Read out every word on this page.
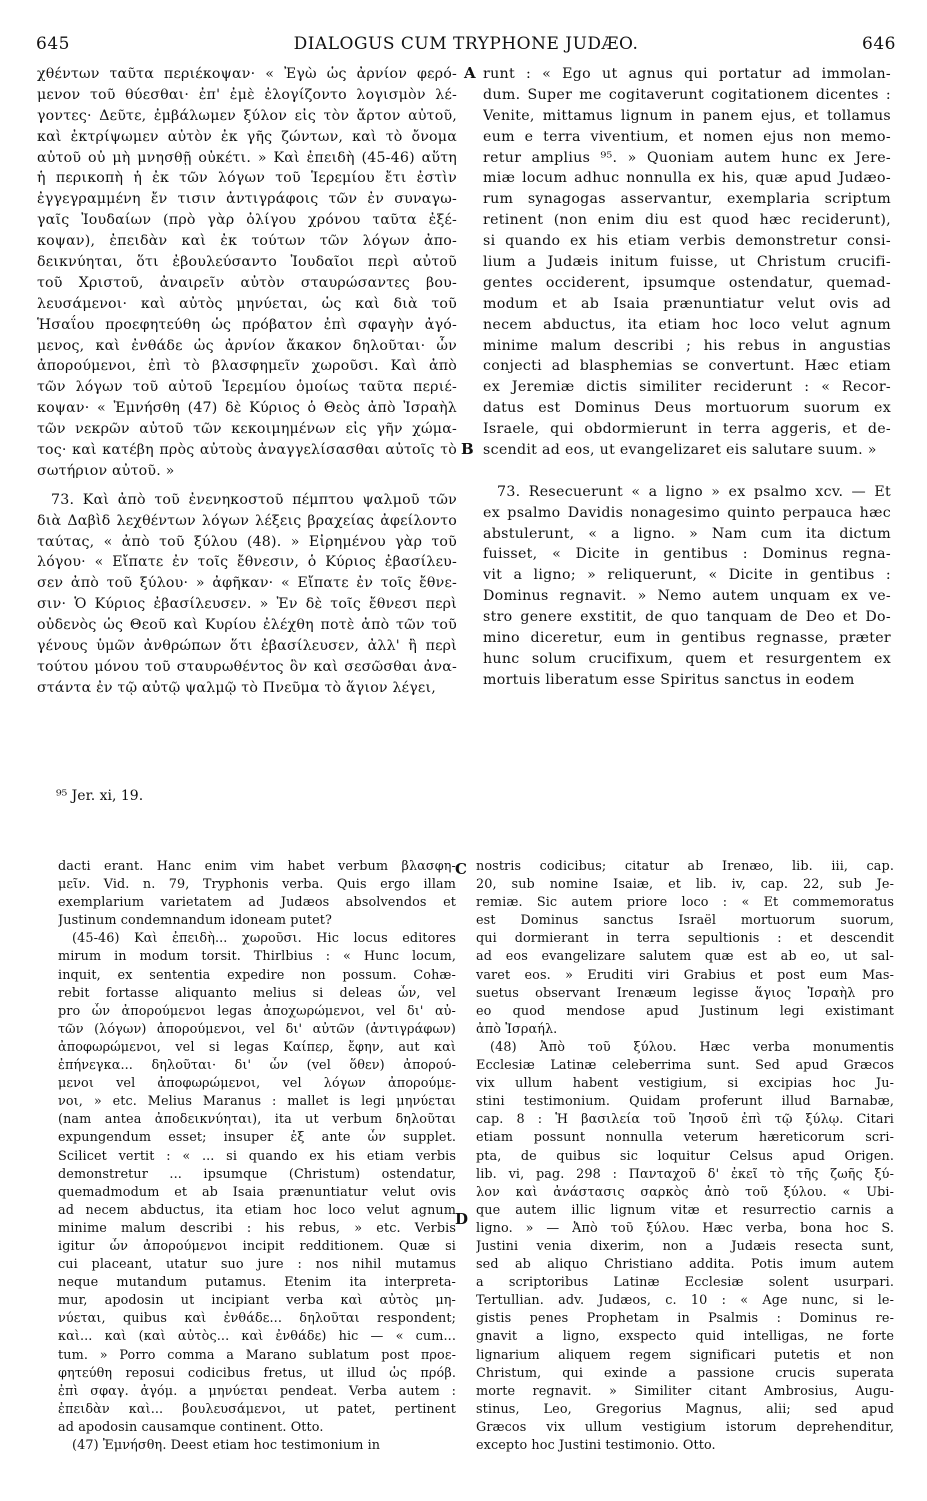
645	DIALOGUS CUM TRYPHONE JUDÆO.	646
A
B
C
D
χθέντων ταῦτα περιέκοψαν· « Ἐγὼ ὡς ἀρνίον φερό-
μενον τοῦ θύεσθαι· ἐπ' ἐμὲ ἐλογίζοντο λογισμὸν λέ-
γοντες· Δεῦτε, ἐμβάλωμεν ξύλον εἰς τὸν ἄρτον αὐτοῦ,
καὶ ἐκτρίψωμεν αὐτὸν ἐκ γῆς ζώντων, καὶ τὸ ὄνομα
αὐτοῦ οὐ μὴ μνησθῇ οὐκέτι. » Καὶ ἐπειδὴ (45-46) αὕτη
ἡ περικοπὴ ἡ ἐκ τῶν λόγων τοῦ Ἱερεμίου ἔτι ἐστὶν
ἐγγεγραμμένη ἔν τισιν ἀντιγράφοις τῶν ἐν συναγω-
γαῖς Ἰουδαίων (πρὸ γὰρ ὀλίγου χρόνου ταῦτα ἐξέ-
κοψαν), ἐπειδὰν καὶ ἐκ τούτων τῶν λόγων ἀπο-
δεικνύηται, ὅτι ἐβουλεύσαντο Ἰουδαῖοι περὶ αὐτοῦ
τοῦ Χριστοῦ, ἀναιρεῖν αὐτὸν σταυρώσαντες βου-
λευσάμενοι· καὶ αὐτὸς μηνύεται, ὡς καὶ διὰ τοῦ
Ἡσαΐου προεφητεύθη ὡς πρόβατον ἐπὶ σφαγὴν ἀγό-
μενος, καὶ ἐνθάδε ὡς ἀρνίον ἄκακον δηλοῦται· ὧν
ἀπορούμενοι, ἐπὶ τὸ βλασφημεῖν χωροῦσι. Καὶ ἀπὸ
τῶν λόγων τοῦ αὐτοῦ Ἱερεμίου ὁμοίως ταῦτα περιέ-
κοψαν· « Ἐμνήσθη (47) δὲ Κύριος ὁ Θεὸς ἀπὸ Ἰσραὴλ
τῶν νεκρῶν αὐτοῦ τῶν κεκοιμημένων εἰς γῆν χώμα-
τος· καὶ κατέβη πρὸς αὐτοὺς ἀναγγελίσασθαι αὐτοῖς τὸ
σωτήριον αὐτοῦ. »
73. Καὶ ἀπὸ τοῦ ἐνενηκοστοῦ πέμπτου ψαλμοῦ τῶν
διὰ Δαβὶδ λεχθέντων λόγων λέξεις βραχείας ἀφείλοντο
ταύτας, « ἀπὸ τοῦ ξύλου (48). » Εἰρημένου γὰρ τοῦ
λόγου· « Εἴπατε ἐν τοῖς ἔθνεσιν, ὁ Κύριος ἐβασίλευ-
σεν ἀπὸ τοῦ ξύλου· » ἀφῆκαν· « Εἴπατε ἐν τοῖς ἔθνε-
σιν· Ὁ Κύριος ἐβασίλευσεν. » Ἐν δὲ τοῖς ἔθνεσι περὶ
οὐδενὸς ὡς Θεοῦ καὶ Κυρίου ἐλέχθη ποτὲ ἀπὸ τῶν τοῦ
γένους ὑμῶν ἀνθρώπων ὅτι ἐβασίλευσεν, ἀλλ' ἢ περὶ
τούτου μόνου τοῦ σταυρωθέντος ὃν καὶ σεσῶσθαι ἀνα-
στάντα ἐν τῷ αὐτῷ ψαλμῷ τὸ Πνεῦμα τὸ ἅγιον λέγει,
runt : « Ego ut agnus qui portatur ad immolan-
dum. Super me cogitaverunt cogitationem dicentes :
Venite, mittamus lignum in panem ejus, et tollamus
eum e terra viventium, et nomen ejus non memo-
retur amplius ⁹⁵. » Quoniam autem hunc ex Jere-
miæ locum adhuc nonnulla ex his, quæ apud Judæo-
rum synagogas asservantur, exemplaria scriptum
retinent (non enim diu est quod hæc reciderunt),
si quando ex his etiam verbis demonstretur consi-
lium a Judæis initum fuisse, ut Christum crucifi-
gentes occiderent, ipsumque ostendatur, quemad-
modum et ab Isaia prænuntiatur velut ovis ad
necem abductus, ita etiam hoc loco velut agnum
minime malum describi ; his rebus in angustias
conjecti ad blasphemias se convertunt. Hæc etiam
ex Jeremiæ dictis similiter reciderunt : « Recor-
datus est Dominus Deus mortuorum suorum ex
Israele, qui obdormierunt in terra aggeris, et de-
scendit ad eos, ut evangelizaret eis salutare suum. »

73. Resecuerunt « a ligno » ex psalmo xcv. — Et
ex psalmo Davidis nonagesimo quinto perpauca hæc
abstulerunt, « a ligno. » Nam cum ita dictum
fuisset, « Dicite in gentibus : Dominus regna-
vit a ligno; » reliquerunt, « Dicite in gentibus :
Dominus regnavit. » Nemo autem unquam ex ve-
stro genere exstitit, de quo tanquam de Deo et Do-
mino diceretur, eum in gentibus regnasse, præter
hunc solum crucifixum, quem et resurgentem ex
mortuis liberatum esse Spiritus sanctus in eodem
⁹⁵ Jer. xi, 19.
dacti erant. Hanc enim vim habet verbum βλασφη-
μεῖν. Vid. n. 79, Tryphonis verba. Quis ergo illam
exemplarium varietatem ad Judæos absolvendos et
Justinum condemnandum idoneam putet?
(45-46) Καὶ ἐπειδὴ... χωροῦσι. Hic locus editores
mirum in modum torsit. Thirlbius : « Hunc locum,
inquit, ex sententia expedire non possum. Cohæ-
rebit fortasse aliquanto melius si deleas ὧν, vel
pro ὧν ἀπορούμενοι legas ἀποχωρώμενοι, vel δι' αὐ-
τῶν (λόγων) ἀπορούμενοι, vel δι' αὐτῶν (ἀντιγράφων)
ἀποφωρώμενοι, vel si legas Καίπερ, ἔφην, aut καὶ
ἐπήνεγκα... δηλοῦται· δι' ὧν (vel ὅθεν) ἀπορού-
μενοι vel ἀποφωρώμενοι, vel λόγων ἀπορούμε-
νοι, » etc. Melius Maranus : mallet is legi μηνύεται
(nam antea ἀποδεικνύηται), ita ut verbum δηλοῦται
expungendum esset; insuper ἐξ ante ὧν supplet.
Scilicet vertit : « ... si quando ex his etiam verbis
demonstretur ... ipsumque (Christum) ostendatur,
quemadmodum et ab Isaia prænuntiatur velut ovis
ad necem abductus, ita etiam hoc loco velut agnum
minime malum describi : his rebus, » etc. Verbis
igitur ὧν ἀπορούμενοι incipit redditionem. Quæ si
cui placeant, utatur suo jure : nos nihil mutamus
neque mutandum putamus. Etenim ita interpreta-
mur, apodosin ut incipiant verba καὶ αὐτὸς μη-
νύεται, quibus καὶ ἐνθάδε... δηλοῦται respondent;
καὶ... καὶ (καὶ αὐτὸς... καὶ ἐνθάδε) hic — « cum...
tum. » Porro comma a Marano sublatum post προε-
φητεύθη reposui codicibus fretus, ut illud ὡς πρόβ.
ἐπὶ σφαγ. ἀγόμ. a μηνύεται pendeat. Verba autem :
ἐπειδὰν καὶ... βουλευσάμενοι, ut patet, pertinent
ad apodosin causamque continent. Otto.
(47) Ἐμνήσθη. Deest etiam hoc testimonium in
nostris codicibus; citatur ab Irenæo, lib. iii, cap.
20, sub nomine Isaiæ, et lib. iv, cap. 22, sub Je-
remiæ. Sic autem priore loco : « Et commemoratus
est Dominus sanctus Israël mortuorum suorum,
qui dormierant in terra sepultionis : et descendit
ad eos evangelizare salutem quæ est ab eo, ut sal-
varet eos. » Eruditi viri Grabius et post eum Mas-
suetus observant Irenæum legisse ἅγιος Ἰσραὴλ pro
eo quod mendose apud Justinum legi existimant
ἀπὸ Ἰσραήλ.
(48) Ἀπὸ τοῦ ξύλου. Hæc verba monumentis
Ecclesiæ Latinæ celeberrima sunt. Sed apud Græcos
vix ullum habent vestigium, si excipias hoc Ju-
stini testimonium. Quidam proferunt illud Barnabæ,
cap. 8 : Ἡ βασιλεία τοῦ Ἰησοῦ ἐπὶ τῷ ξύλῳ. Citari
etiam possunt nonnulla veterum hæreticorum scri-
pta, de quibus sic loquitur Celsus apud Origen.
lib. vi, pag. 298 : Πανταχοῦ δ' ἐκεῖ τὸ τῆς ζωῆς ξύ-
λον καὶ ἀνάστασις σαρκὸς ἀπὸ τοῦ ξύλου. « Ubi-
que autem illic lignum vitæ et resurrectio carnis a
ligno. » — Ἀπὸ τοῦ ξύλου. Hæc verba, bona hoc S.
Justini venia dixerim, non a Judæis resecta sunt,
sed ab aliquo Christiano addita. Potis imum autem
a scriptoribus Latinæ Ecclesiæ solent usurpari.
Tertullian. adv. Judæos, c. 10 : « Age nunc, si le-
gistis penes Prophetam in Psalmis : Dominus re-
gnavit a ligno, exspecto quid intelligas, ne forte
lignarium aliquem regem significari putetis et non
Christum, qui exinde a passione crucis superata
morte regnavit. » Similiter citant Ambrosius, Augu-
stinus, Leo, Gregorius Magnus, alii; sed apud
Græcos vix ullum vestigium istorum deprehenditur,
excepto hoc Justini testimonio. Otto.
